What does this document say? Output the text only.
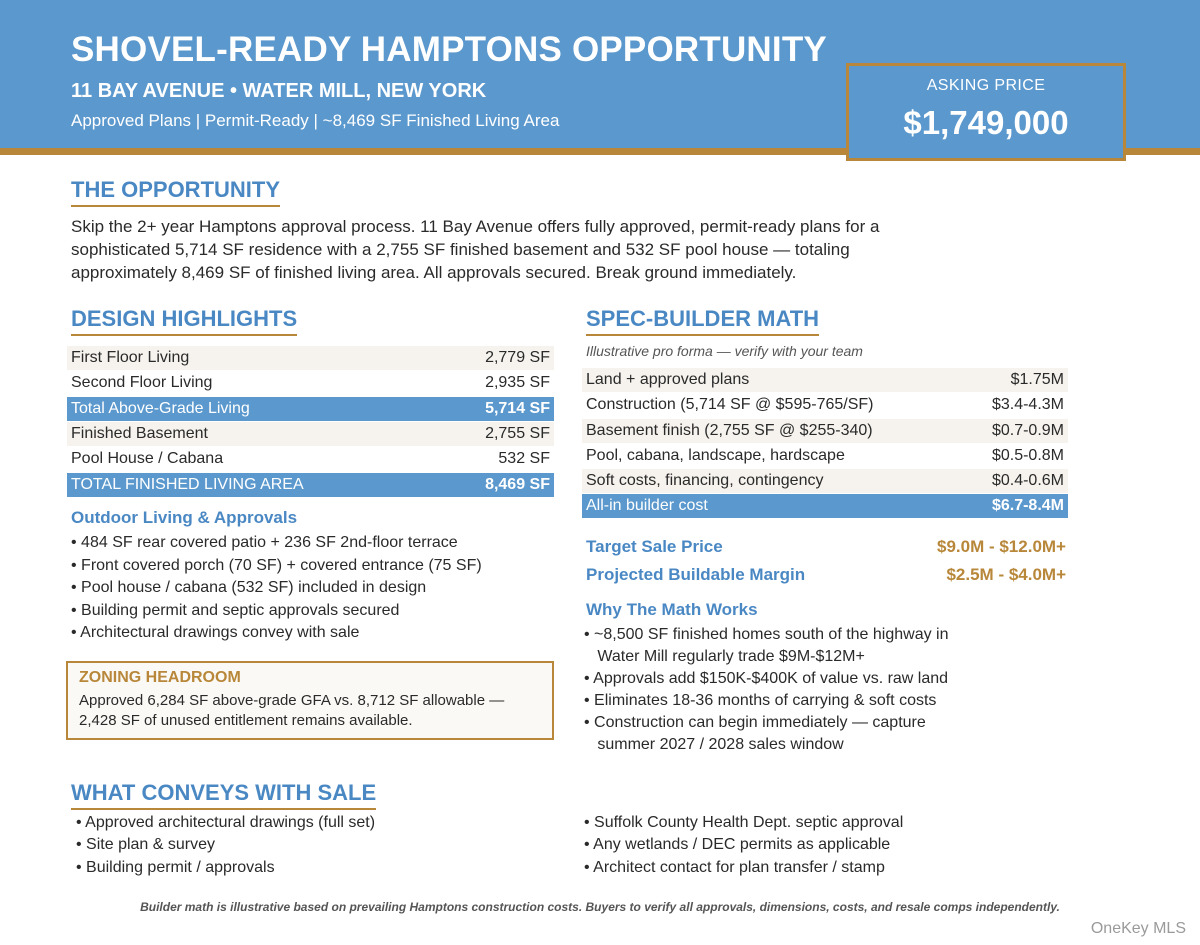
SHOVEL-READY HAMPTONS OPPORTUNITY
11 BAY AVENUE • WATER MILL, NEW YORK
Approved Plans | Permit-Ready | ~8,469 SF Finished Living Area
ASKING PRICE
$1,749,000
THE OPPORTUNITY
Skip the 2+ year Hamptons approval process. 11 Bay Avenue offers fully approved, permit-ready plans for a
sophisticated 5,714 SF residence with a 2,755 SF finished basement and 532 SF pool house — totaling
approximately 8,469 SF of finished living area. All approvals secured. Break ground immediately.
DESIGN HIGHLIGHTS
First Floor Living	2,779 SF
Second Floor Living	2,935 SF
Total Above-Grade Living	5,714 SF
Finished Basement	2,755 SF
Pool House / Cabana	532 SF
TOTAL FINISHED LIVING AREA	8,469 SF
Outdoor Living & Approvals
• 484 SF rear covered patio + 236 SF 2nd-floor terrace
• Front covered porch (70 SF) + covered entrance (75 SF)
• Pool house / cabana (532 SF) included in design
• Building permit and septic approvals secured
• Architectural drawings convey with sale
ZONING HEADROOM
Approved 6,284 SF above-grade GFA vs. 8,712 SF allowable —
2,428 SF of unused entitlement remains available.
SPEC-BUILDER MATH
Illustrative pro forma — verify with your team
Land + approved plans	$1.75M
Construction (5,714 SF @ $595-765/SF)	$3.4-4.3M
Basement finish (2,755 SF @ $255-340)	$0.7-0.9M
Pool, cabana, landscape, hardscape	$0.5-0.8M
Soft costs, financing, contingency	$0.4-0.6M
All-in builder cost	$6.7-8.4M
Target Sale Price	$9.0M - $12.0M+
Projected Buildable Margin	$2.5M - $4.0M+
Why The Math Works
• ~8,500 SF finished homes south of the highway in
Water Mill regularly trade $9M-$12M+
• Approvals add $150K-$400K of value vs. raw land
• Eliminates 18-36 months of carrying & soft costs
• Construction can begin immediately — capture
summer 2027 / 2028 sales window
WHAT CONVEYS WITH SALE
• Approved architectural drawings (full set)
• Site plan & survey
• Building permit / approvals
• Suffolk County Health Dept. septic approval
• Any wetlands / DEC permits as applicable
• Architect contact for plan transfer / stamp
Builder math is illustrative based on prevailing Hamptons construction costs. Buyers to verify all approvals, dimensions, costs, and resale comps independently.
OneKey MLS
